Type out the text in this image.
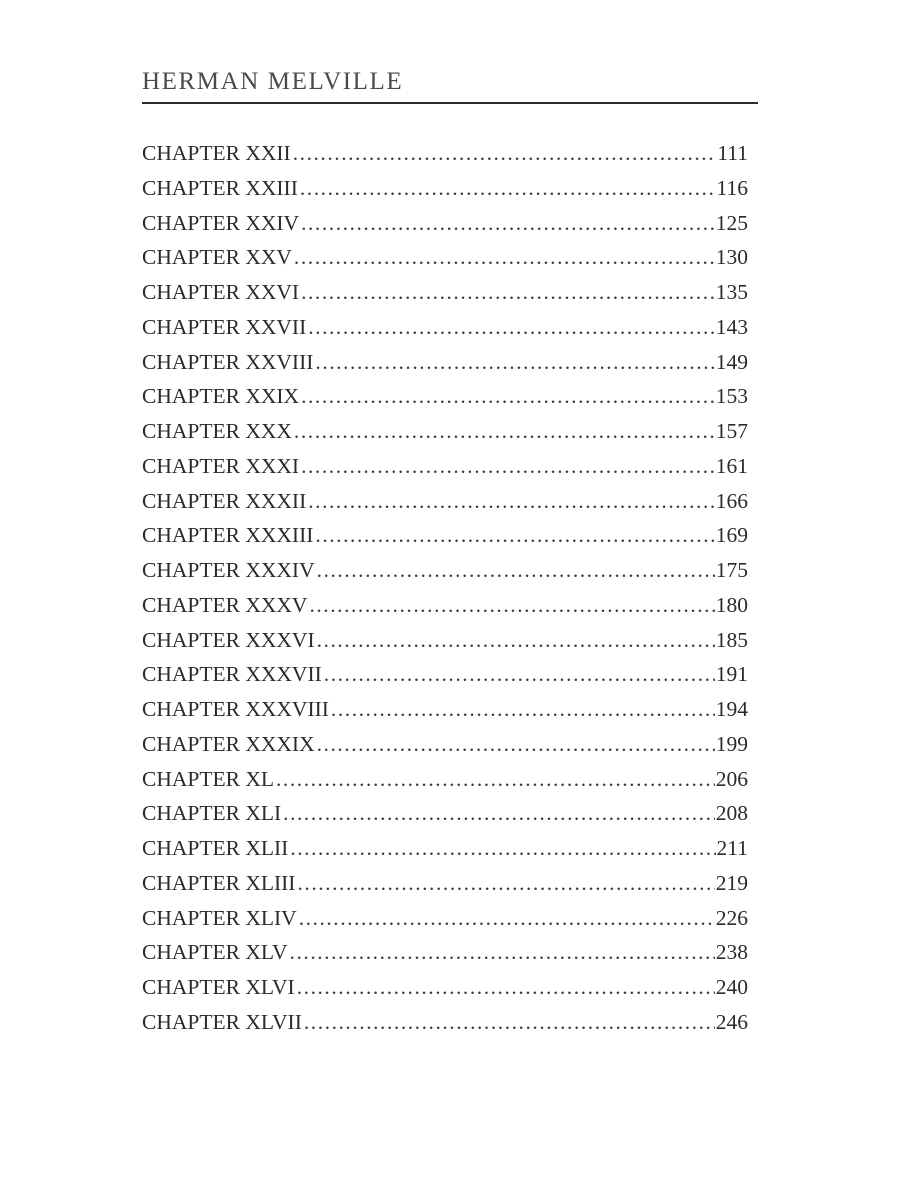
HERMAN MELVILLE
CHAPTER XXII .....	111
CHAPTER XXIII .....	116
CHAPTER XXIV .....	125
CHAPTER XXV .....	130
CHAPTER XXVI .....	135
CHAPTER XXVII .....	143
CHAPTER XXVIII .....	149
CHAPTER XXIX .....	153
CHAPTER XXX .....	157
CHAPTER XXXI .....	161
CHAPTER XXXII .....	166
CHAPTER XXXIII .....	169
CHAPTER XXXIV .....	175
CHAPTER XXXV .....	180
CHAPTER XXXVI .....	185
CHAPTER XXXVII .....	191
CHAPTER XXXVIII .....	194
CHAPTER XXXIX .....	199
CHAPTER XL .....	206
CHAPTER XLI .....	208
CHAPTER XLII .....	211
CHAPTER XLIII .....	219
CHAPTER XLIV .....	226
CHAPTER XLV .....	238
CHAPTER XLVI .....	240
CHAPTER XLVII .....	246
